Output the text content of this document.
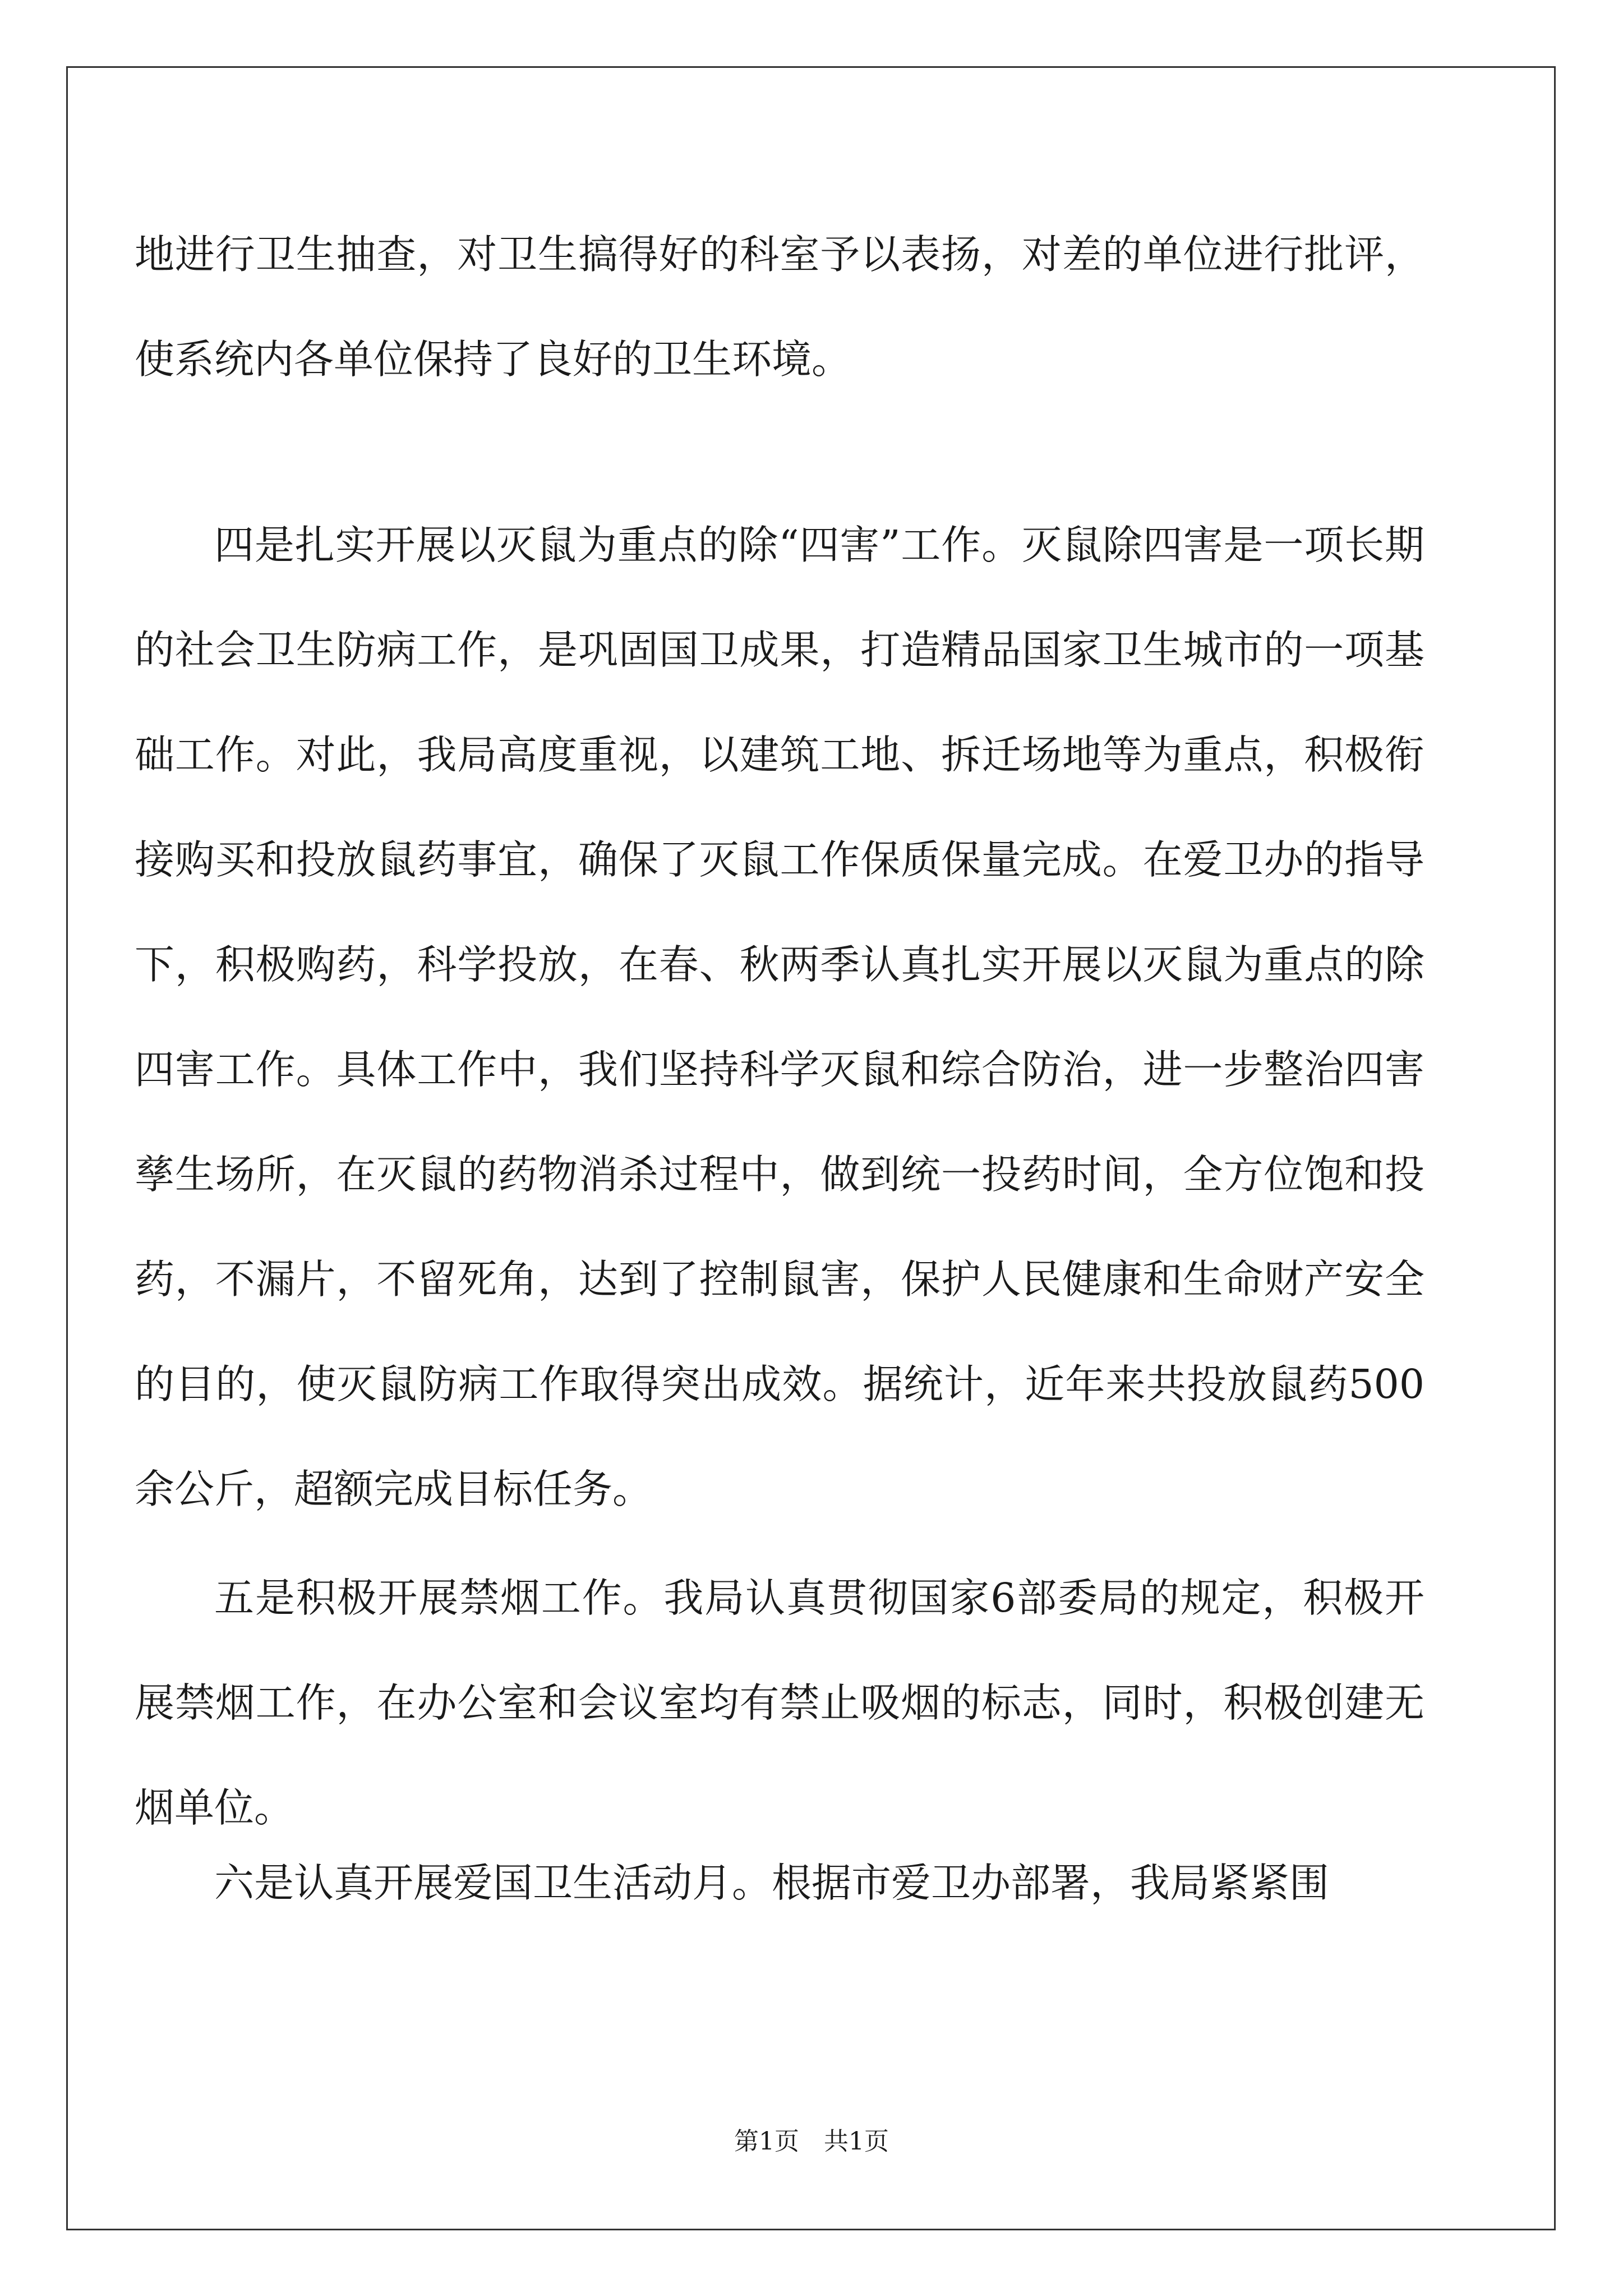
地进行卫生抽查，对卫生搞得好的科室予以表扬，对差的单位进行批评，使系统内各单位保持了良好的卫生环境。

四是扎实开展以灭鼠为重点的除“四害”工作。灭鼠除四害是一项长期的社会卫生防病工作，是巩固国卫成果，打造精品国家卫生城市的一项基础工作。对此，我局高度重视，以建筑工地、拆迁场地等为重点，积极衔接购买和投放鼠药事宜，确保了灭鼠工作保质保量完成。在爱卫办的指导下，积极购药，科学投放，在春、秋两季认真扎实开展以灭鼠为重点的除四害工作。具体工作中，我们坚持科学灭鼠和综合防治，进一步整治四害孳生场所，在灭鼠的药物消杀过程中，做到统一投药时间，全方位饱和投药，不漏片，不留死角，达到了控制鼠害，保护人民健康和生命财产安全的目的，使灭鼠防病工作取得突出成效。据统计，近年来共投放鼠药500余公斤，超额完成目标任务。

五是积极开展禁烟工作。我局认真贯彻国家6部委局的规定，积极开展禁烟工作，在办公室和会议室均有禁止吸烟的标志，同时，积极创建无烟单位。

六是认真开展爱国卫生活动月。根据市爱卫办部署，我局紧紧围

第1页　共1页
